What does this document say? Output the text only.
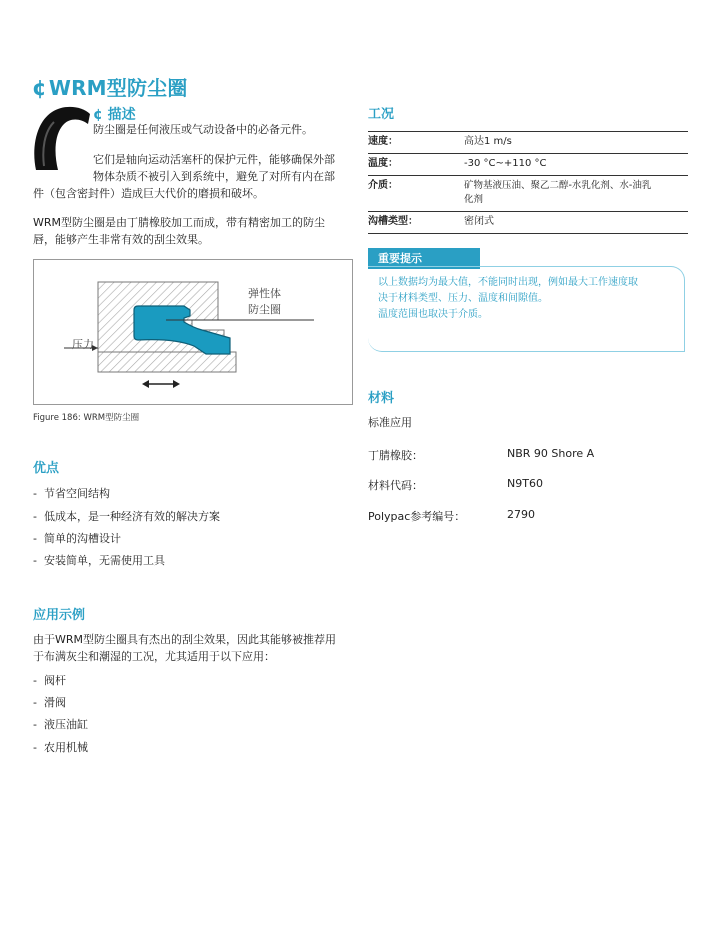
¢ WRM型防尘圈
¢ 描述
防尘圈是任何液压或气动设备中的必备元件。
它们是轴向运动活塞杆的保护元件，能够确保外部
物体杂质不被引入到系统中，避免了对所有内在部
件（包含密封件）造成巨大代价的磨损和破坏。
WRM型防尘圈是由丁腈橡胶加工而成，带有精密加工的防尘
唇，能够产生非常有效的刮尘效果。
弹性体
防尘圈
压力
Figure 186: WRM型防尘圈
优点
-  节省空间结构
-  低成本，是一种经济有效的解决方案
-  简单的沟槽设计
-  安装简单，无需使用工具
应用示例
由于WRM型防尘圈具有杰出的刮尘效果，因此其能够被推荐用
于布满灰尘和潮湿的工况，尤其适用于以下应用：
-  阀杆
-  滑阀
-  液压油缸
-  农用机械
工况
速度：	高达1 m/s
温度：	-30 °C~+110 °C
介质：	矿物基液压油、聚乙二醇-水乳化剂、水-油乳
化剂
沟槽类型：	密闭式
重要提示
以上数据均为最大值，不能同时出现，例如最大工作速度取
决于材料类型、压力、温度和间隙值。
温度范围也取决于介质。
材料
标准应用
丁腈橡胶：	NBR 90 Shore A
材料代码：	N9T60
Polypac参考编号：	2790
